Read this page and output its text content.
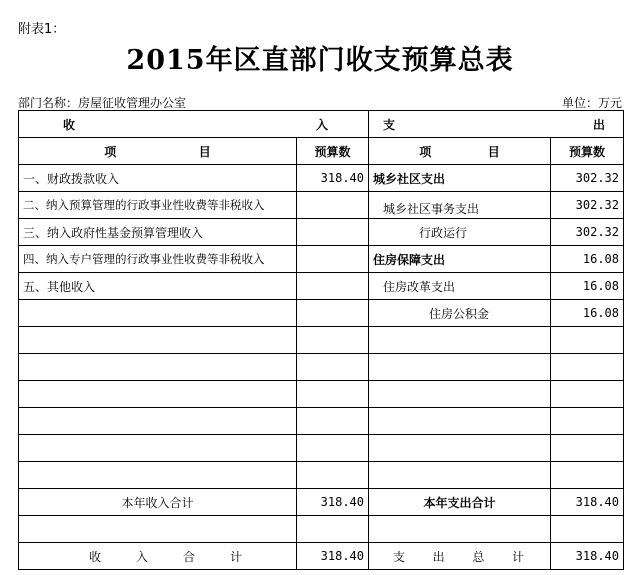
附表1：
2015年区直部门收支预算总表
部门名称：房屋征收管理办公室	单位：万元
收 入		支 出	

项 目	预算数	项 目	预算数
一、财政拨款收入	318.40	城乡社区支出	302.32
二、纳入预算管理的行政事业性收费等非税收入		城乡社区事务支出	302.32
三、纳入政府性基金预算管理收入		行政运行	302.32
四、纳入专户管理的行政事业性收费等非税收入		住房保障支出	16.08
五、其他收入		住房改革支出	16.08
		住房公积金	16.08

本年收入合计	318.40	本年支出合计	318.40

收 入 合 计	318.40	支 出 总 计	318.40
